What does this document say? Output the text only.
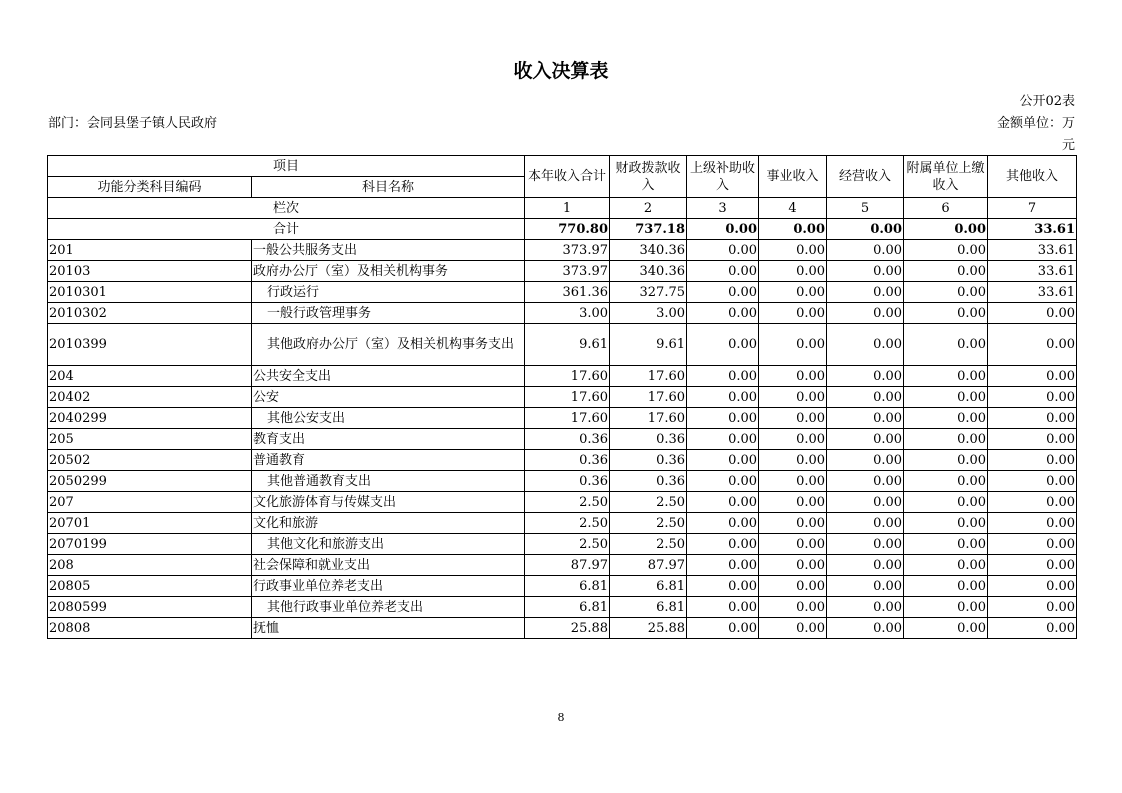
收入决算表
公开02表
部门：会同县堡子镇人民政府	金额单位：万元
项目		本年收入合计	财政拨款收入	上级补助收入	事业收入	经营收入	附属单位上缴收入	其他收入
功能分类科目编码	科目名称							
栏次		1	2	3	4	5	6	7
合计		770.80	737.18	0.00	0.00	0.00	0.00	33.61
201	一般公共服务支出	373.97	340.36	0.00	0.00	0.00	0.00	33.61
20103	政府办公厅（室）及相关机构事务	373.97	340.36	0.00	0.00	0.00	0.00	33.61
2010301	行政运行	361.36	327.75	0.00	0.00	0.00	0.00	33.61
2010302	一般行政管理事务	3.00	3.00	0.00	0.00	0.00	0.00	0.00
2010399	其他政府办公厅（室）及相关机构事务支出	9.61	9.61	0.00	0.00	0.00	0.00	0.00
204	公共安全支出	17.60	17.60	0.00	0.00	0.00	0.00	0.00
20402	公安	17.60	17.60	0.00	0.00	0.00	0.00	0.00
2040299	其他公安支出	17.60	17.60	0.00	0.00	0.00	0.00	0.00
205	教育支出	0.36	0.36	0.00	0.00	0.00	0.00	0.00
20502	普通教育	0.36	0.36	0.00	0.00	0.00	0.00	0.00
2050299	其他普通教育支出	0.36	0.36	0.00	0.00	0.00	0.00	0.00
207	文化旅游体育与传媒支出	2.50	2.50	0.00	0.00	0.00	0.00	0.00
20701	文化和旅游	2.50	2.50	0.00	0.00	0.00	0.00	0.00
2070199	其他文化和旅游支出	2.50	2.50	0.00	0.00	0.00	0.00	0.00
208	社会保障和就业支出	87.97	87.97	0.00	0.00	0.00	0.00	0.00
20805	行政事业单位养老支出	6.81	6.81	0.00	0.00	0.00	0.00	0.00
2080599	其他行政事业单位养老支出	6.81	6.81	0.00	0.00	0.00	0.00	0.00
20808	抚恤	25.88	25.88	0.00	0.00	0.00	0.00	0.00
8
